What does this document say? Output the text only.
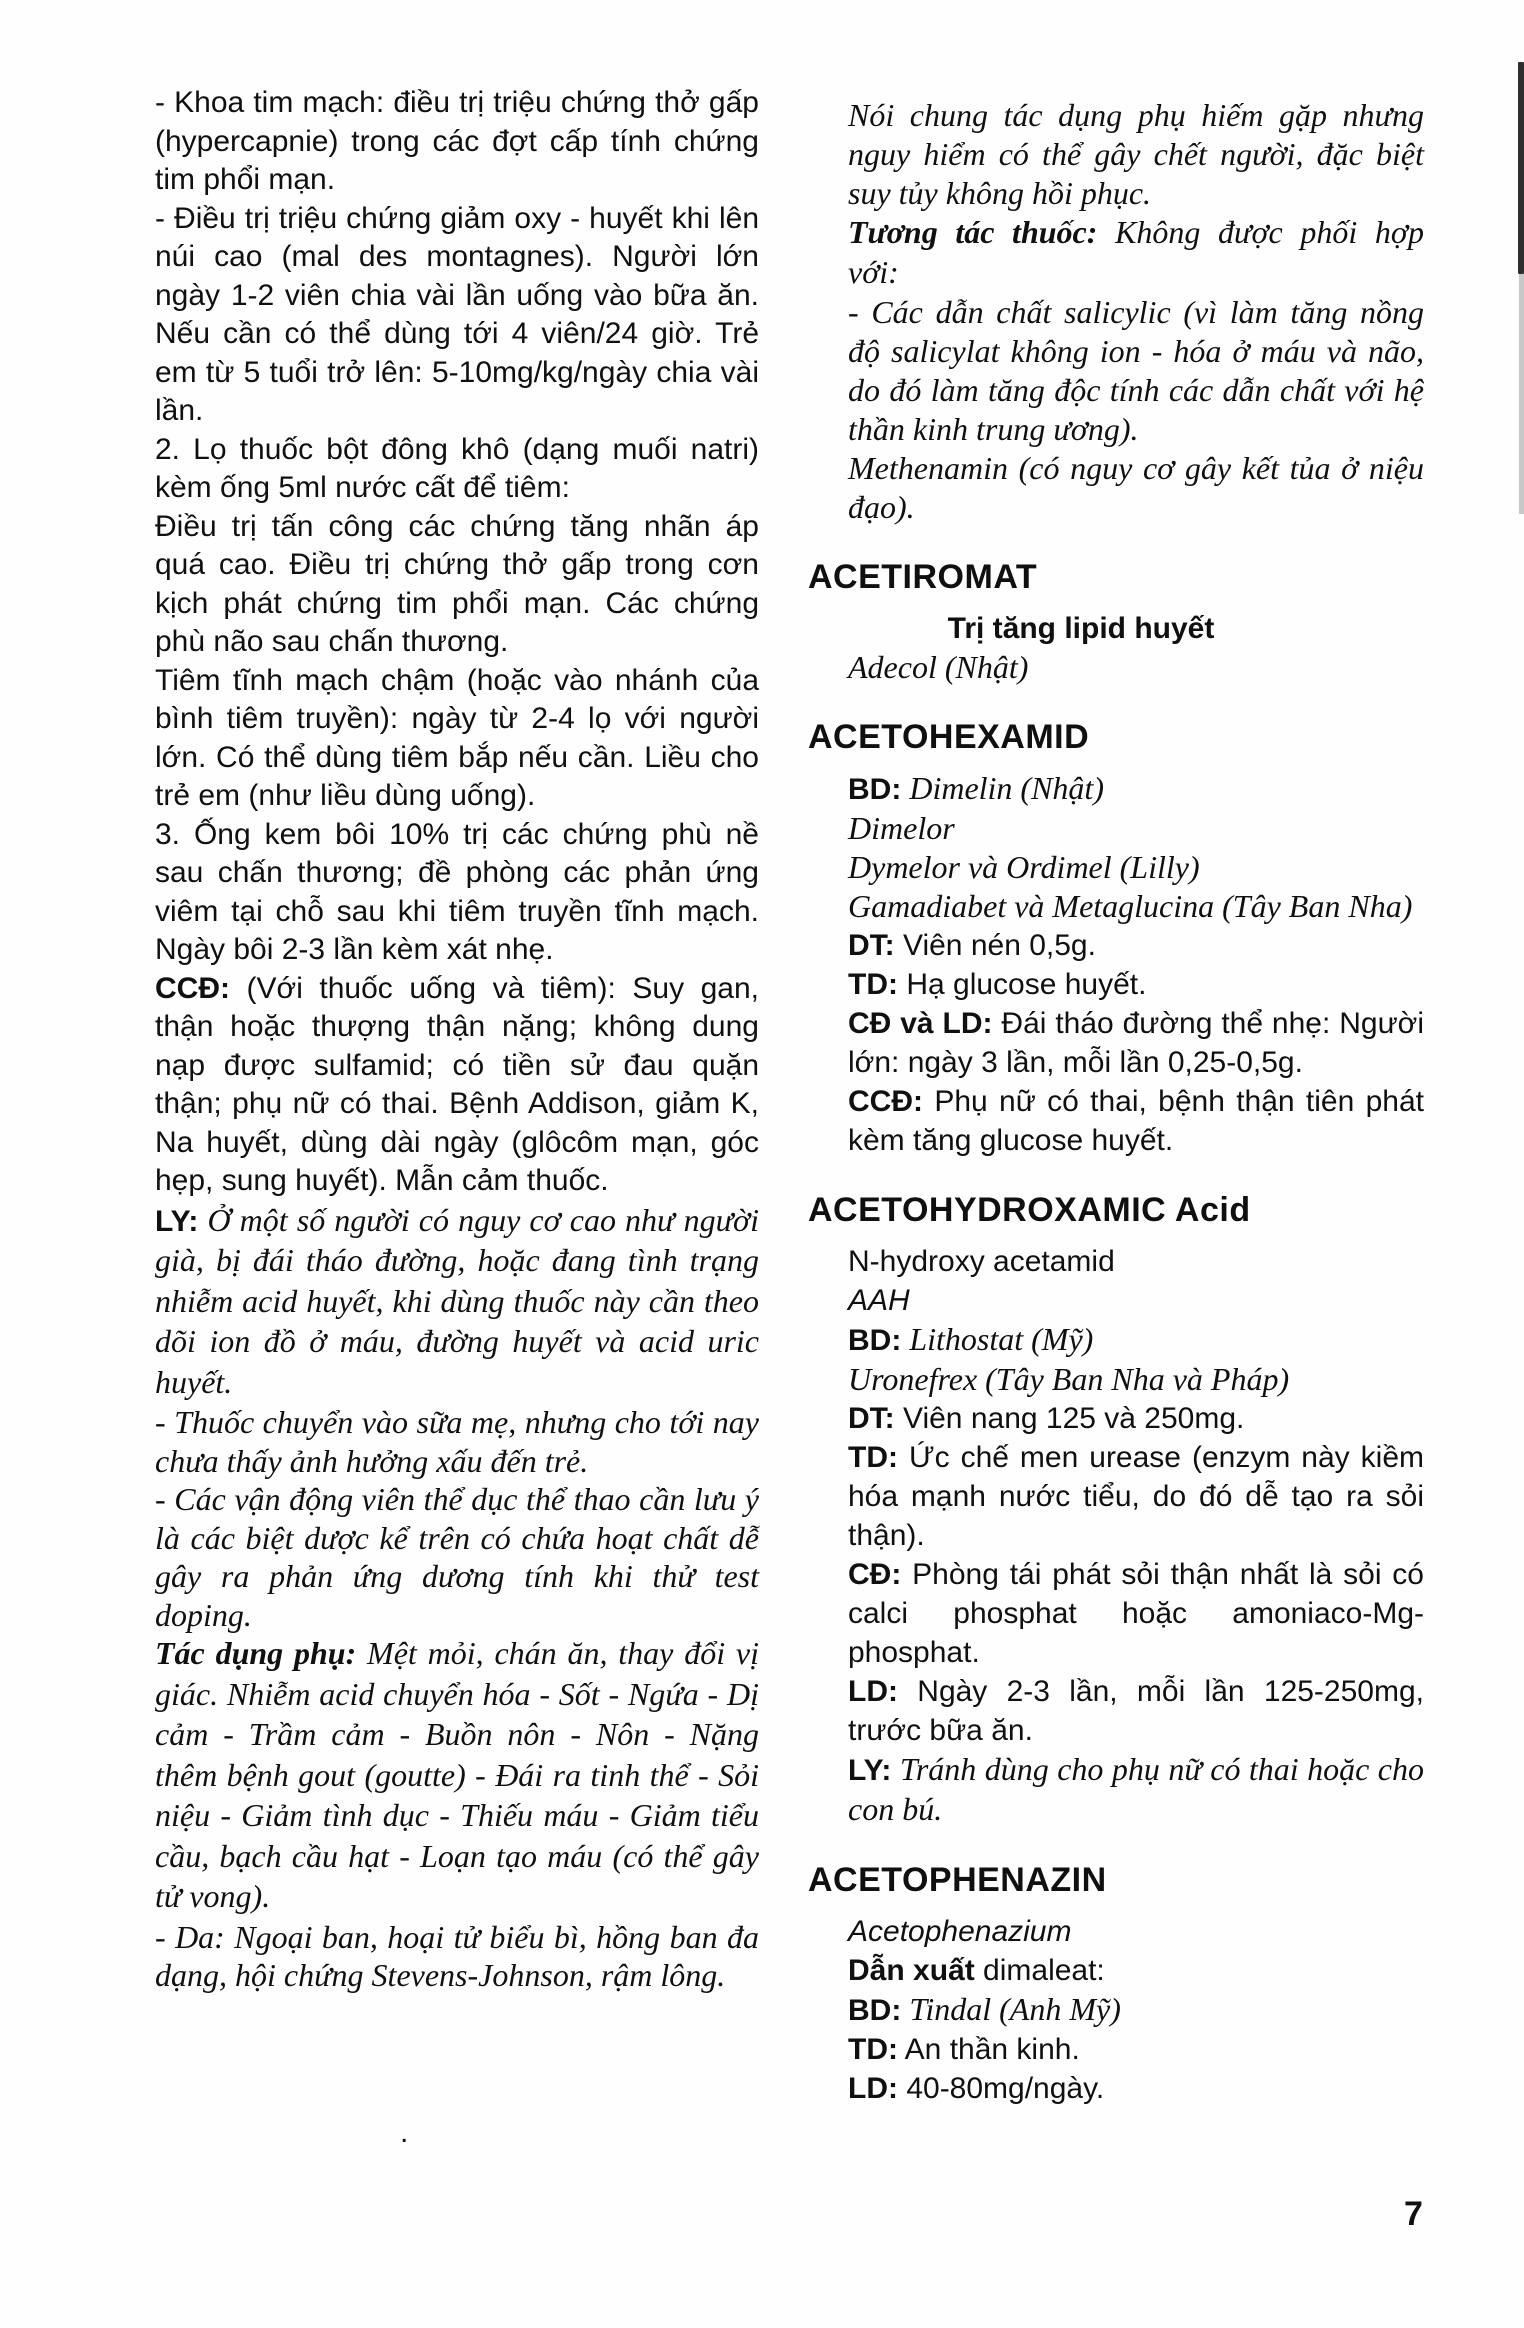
- Khoa tim mạch: điều trị triệu chứng thở gấp (hypercapnie) trong các đợt cấp tính chứng tim phổi mạn.

- Điều trị triệu chứng giảm oxy - huyết khi lên núi cao (mal des montagnes). Người lớn ngày 1-2 viên chia vài lần uống vào bữa ăn. Nếu cần có thể dùng tới 4 viên/24 giờ. Trẻ em từ 5 tuổi trở lên: 5-10mg/kg/ngày chia vài lần.

2. Lọ thuốc bột đông khô (dạng muối natri) kèm ống 5ml nước cất để tiêm:

Điều trị tấn công các chứng tăng nhãn áp quá cao. Điều trị chứng thở gấp trong cơn kịch phát chứng tim phổi mạn. Các chứng phù não sau chấn thương.

Tiêm tĩnh mạch chậm (hoặc vào nhánh của bình tiêm truyền): ngày từ 2-4 lọ với người lớn. Có thể dùng tiêm bắp nếu cần. Liều cho trẻ em (như liều dùng uống).

3. Ống kem bôi 10% trị các chứng phù nề sau chấn thương; đề phòng các phản ứng viêm tại chỗ sau khi tiêm truyền tĩnh mạch. Ngày bôi 2-3 lần kèm xát nhẹ.

CCĐ: (Với thuốc uống và tiêm): Suy gan, thận hoặc thượng thận nặng; không dung nạp được sulfamid; có tiền sử đau quặn thận; phụ nữ có thai. Bệnh Addison, giảm K, Na huyết, dùng dài ngày (glôcôm mạn, góc hẹp, sung huyết). Mẫn cảm thuốc.

LY: Ở một số người có nguy cơ cao như người già, bị đái tháo đường, hoặc đang tình trạng nhiễm acid huyết, khi dùng thuốc này cần theo dõi ion đồ ở máu, đường huyết và acid uric huyết.

- Thuốc chuyển vào sữa mẹ, nhưng cho tới nay chưa thấy ảnh hưởng xấu đến trẻ.

- Các vận động viên thể dục thể thao cần lưu ý là các biệt dược kể trên có chứa hoạt chất dễ gây ra phản ứng dương tính khi thử test doping.

Tác dụng phụ: Mệt mỏi, chán ăn, thay đổi vị giác. Nhiễm acid chuyển hóa - Sốt - Ngứa - Dị cảm - Trầm cảm - Buồn nôn - Nôn - Nặng thêm bệnh gout (goutte) - Đái ra tinh thể - Sỏi niệu - Giảm tình dục - Thiếu máu - Giảm tiểu cầu, bạch cầu hạt - Loạn tạo máu (có thể gây tử vong).

- Da: Ngoại ban, hoại tử biểu bì, hồng ban đa dạng, hội chứng Stevens-Johnson, rậm lông.

Nói chung tác dụng phụ hiếm gặp nhưng nguy hiểm có thể gây chết người, đặc biệt suy tủy không hồi phục.

Tương tác thuốc: Không được phối hợp với:

- Các dẫn chất salicylic (vì làm tăng nồng độ salicylat không ion - hóa ở máu và não, do đó làm tăng độc tính các dẫn chất với hệ thần kinh trung ương).

Methenamin (có nguy cơ gây kết tủa ở niệu đạo).

ACETIROMAT

Trị tăng lipid huyết

Adecol (Nhật)

ACETOHEXAMID

BD: Dimelin (Nhật)

Dimelor

Dymelor và Ordimel (Lilly)

Gamadiabet và Metaglucina (Tây Ban Nha)

DT: Viên nén 0,5g.

TD: Hạ glucose huyết.

CĐ và LD: Đái tháo đường thể nhẹ: Người lớn: ngày 3 lần, mỗi lần 0,25-0,5g.

CCĐ: Phụ nữ có thai, bệnh thận tiên phát kèm tăng glucose huyết.

ACETOHYDROXAMIC Acid

N-hydroxy acetamid

AAH

BD: Lithostat (Mỹ)

Uronefrex (Tây Ban Nha và Pháp)

DT: Viên nang 125 và 250mg.

TD: Ức chế men urease (enzym này kiềm hóa mạnh nước tiểu, do đó dễ tạo ra sỏi thận).

CĐ: Phòng tái phát sỏi thận nhất là sỏi có calci phosphat hoặc amoniaco-Mg-phosphat.

LD: Ngày 2-3 lần, mỗi lần 125-250mg, trước bữa ăn.

LY: Tránh dùng cho phụ nữ có thai hoặc cho con bú.

ACETOPHENAZIN

Acetophenazium

Dẫn xuất dimaleat:

BD: Tindal (Anh Mỹ)

TD: An thần kinh.

LD: 40-80mg/ngày.

.
7
